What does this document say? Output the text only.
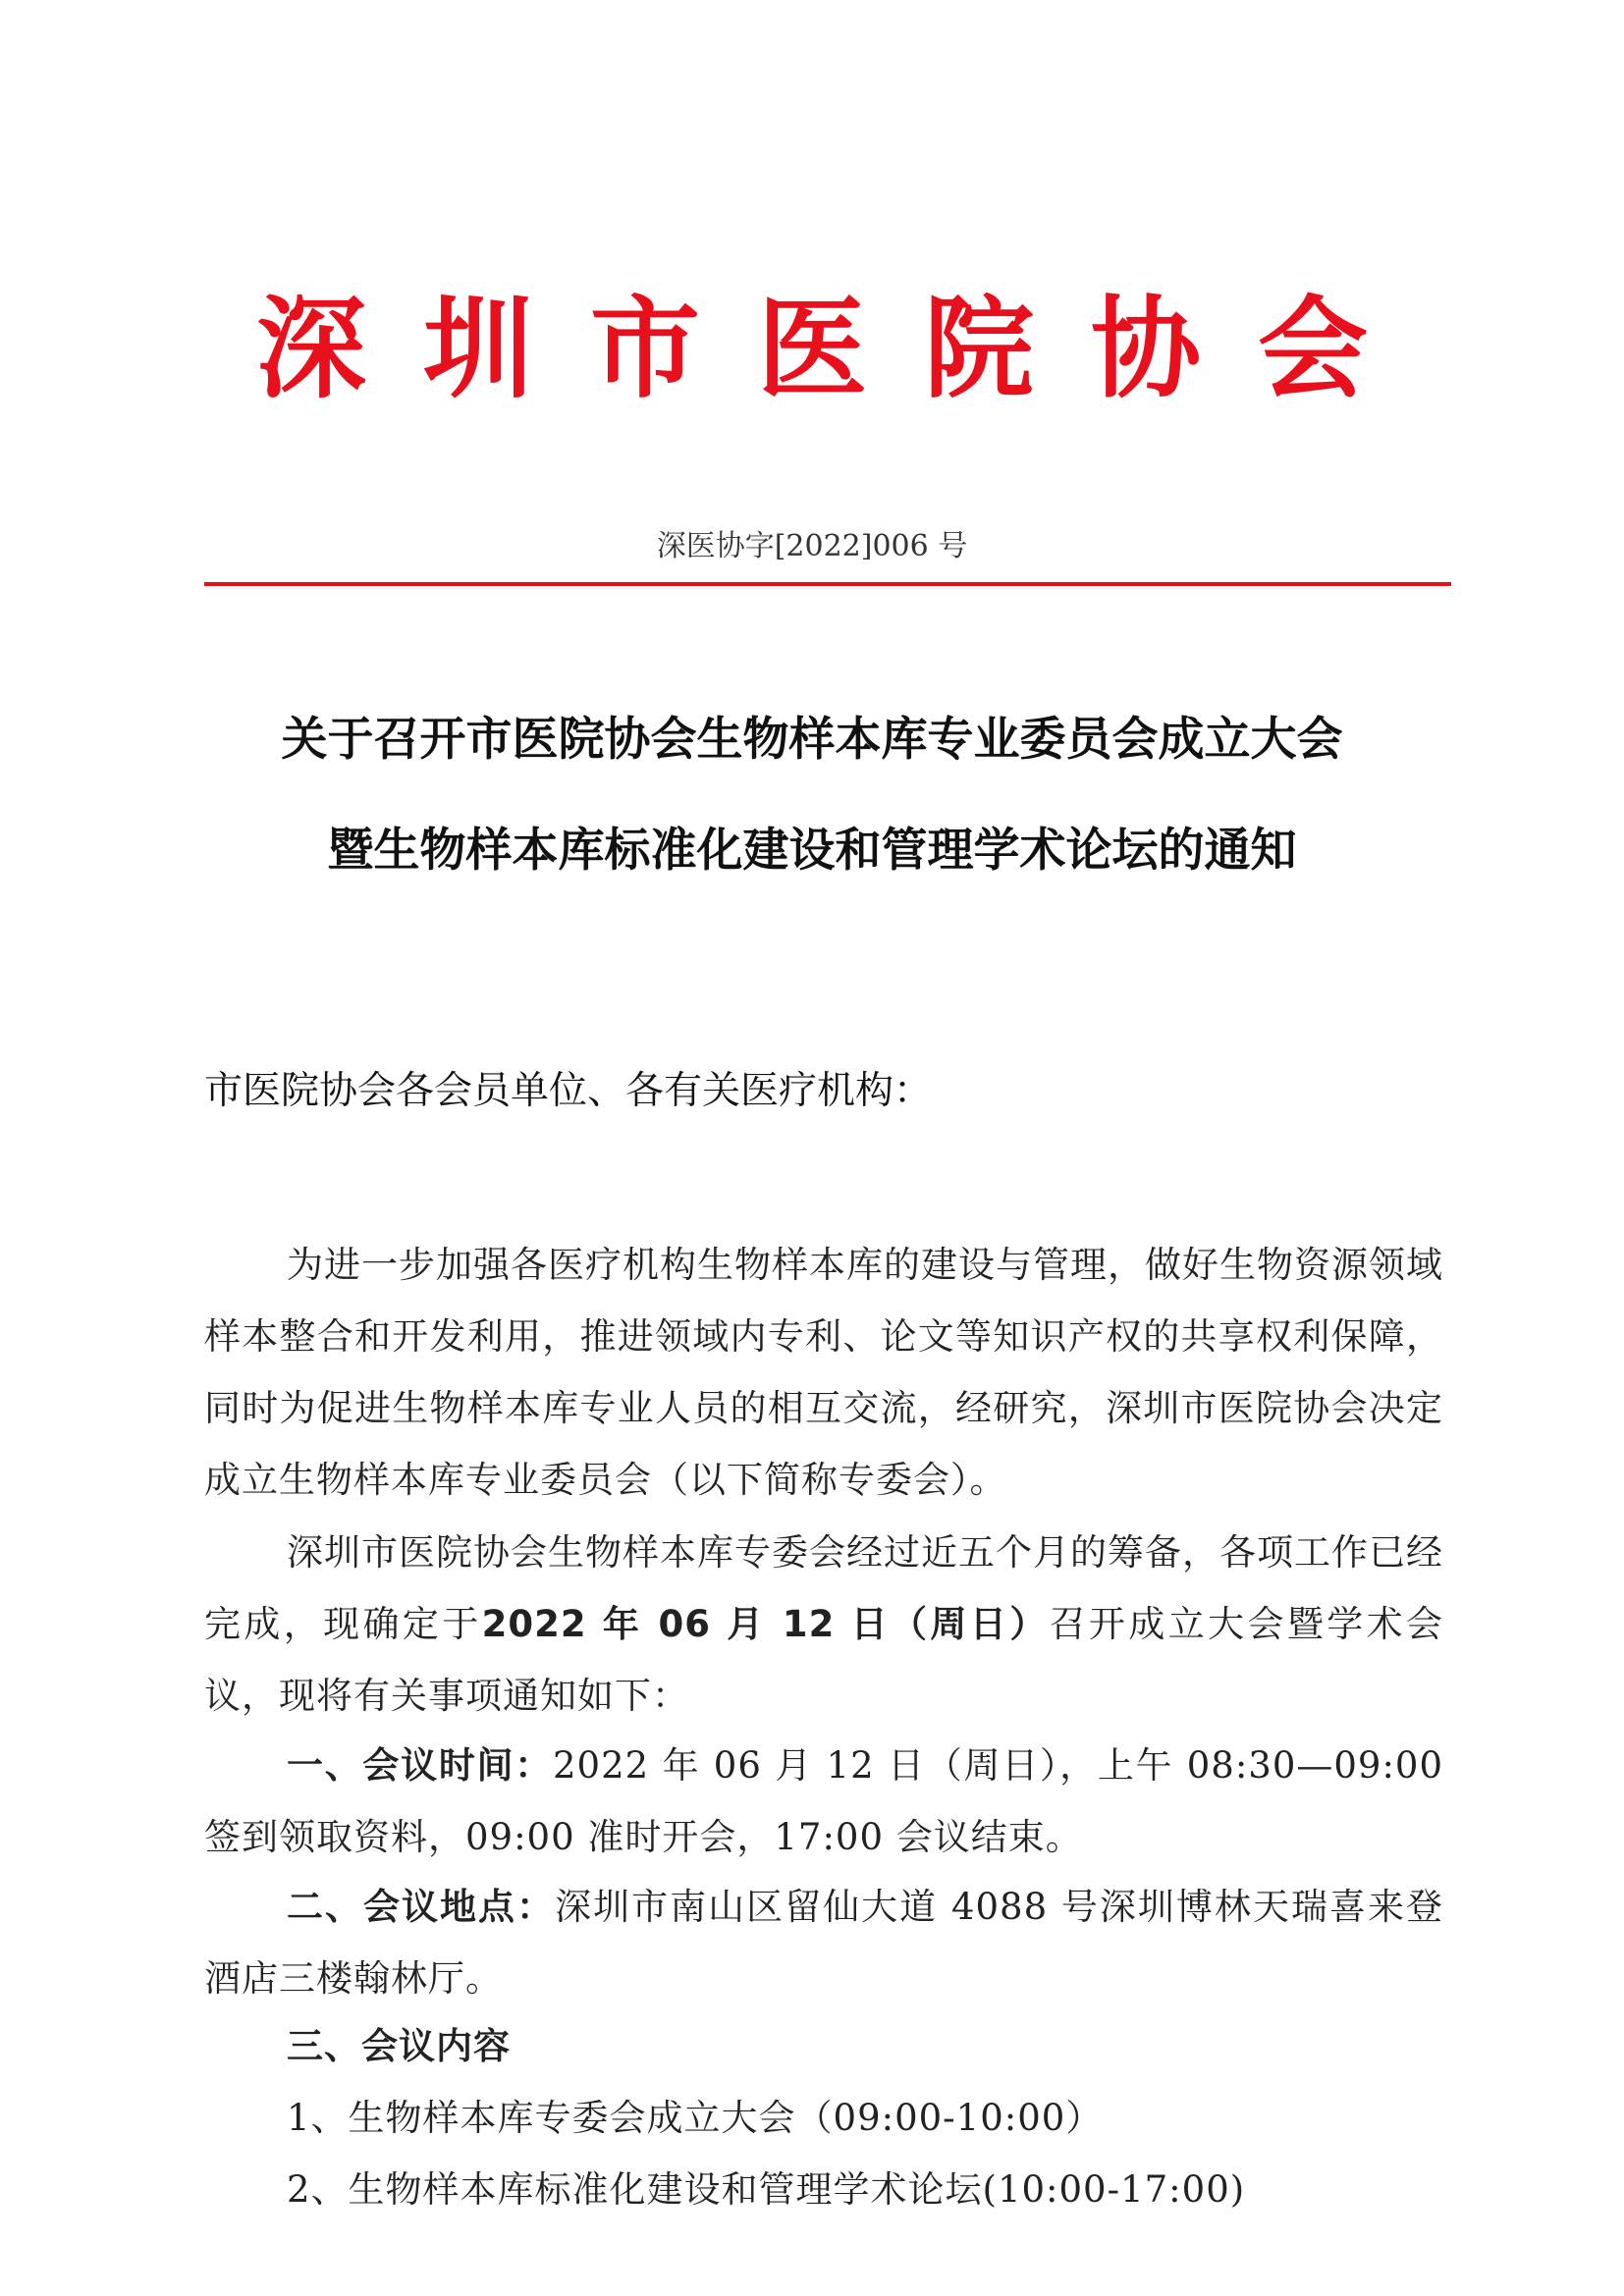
深圳市医院协会
深医协字[2022]006 号
关于召开市医院协会生物样本库专业委员会成立大会
暨生物样本库标准化建设和管理学术论坛的通知
市医院协会各会员单位、各有关医疗机构：
为进一步加强各医疗机构生物样本库的建设与管理，做好生物资源领域样本整合和开发利用，推进领域内专利、论文等知识产权的共享权利保障，同时为促进生物样本库专业人员的相互交流，经研究，深圳市医院协会决定成立生物样本库专业委员会（以下简称专委会）。
深圳市医院协会生物样本库专委会经过近五个月的筹备，各项工作已经完成，现确定于2022 年 06 月 12 日（周日）召开成立大会暨学术会议，现将有关事项通知如下：
一、会议时间：2022 年 06 月 12 日（周日），上午 08:30—09:00 签到领取资料，09:00 准时开会，17:00 会议结束。
二、会议地点：深圳市南山区留仙大道 4088 号深圳博林天瑞喜来登酒店三楼翰林厅。
三、会议内容
1、生物样本库专委会成立大会（09:00-10:00）
2、生物样本库标准化建设和管理学术论坛(10:00-17:00)
